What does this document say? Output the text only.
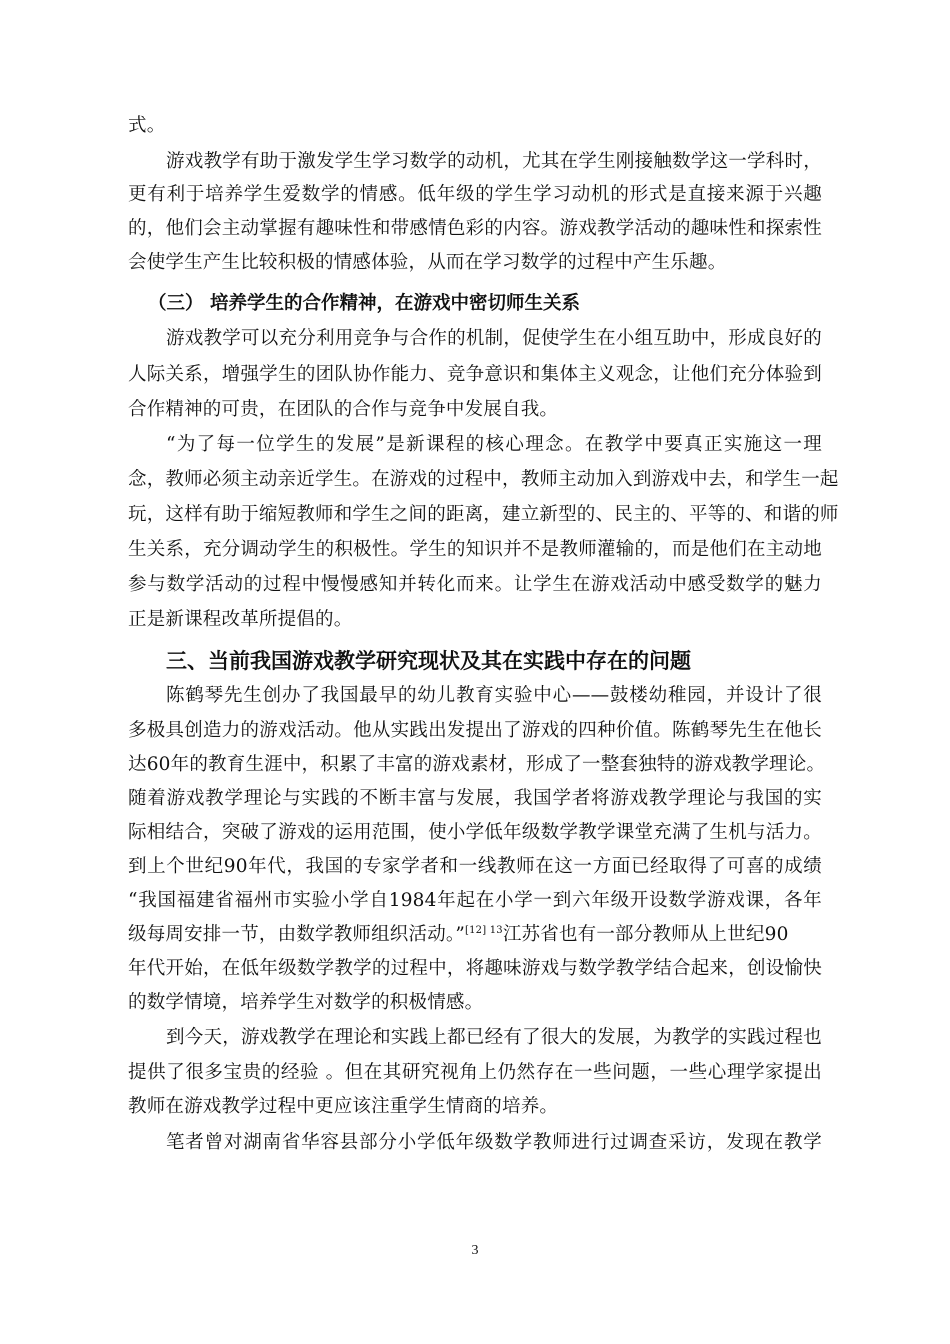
式。
游戏教学有助于激发学生学习数学的动机，尤其在学生刚接触数学这一学科时，
更有利于培养学生爱数学的情感。低年级的学生学习动机的形式是直接来源于兴趣
的，他们会主动掌握有趣味性和带感情色彩的内容。游戏教学活动的趣味性和探索性
会使学生产生比较积极的情感体验，从而在学习数学的过程中产生乐趣。
（三） 培养学生的合作精神，在游戏中密切师生关系
游戏教学可以充分利用竞争与合作的机制，促使学生在小组互助中，形成良好的
人际关系，增强学生的团队协作能力、竞争意识和集体主义观念，让他们充分体验到
合作精神的可贵，在团队的合作与竞争中发展自我。
“为了每一位学生的发展”是新课程的核心理念。在教学中要真正实施这一理
念，教师必须主动亲近学生。在游戏的过程中，教师主动加入到游戏中去，和学生一起
玩，这样有助于缩短教师和学生之间的距离，建立新型的、民主的、平等的、和谐的师
生关系，充分调动学生的积极性。学生的知识并不是教师灌输的，而是他们在主动地
参与数学活动的过程中慢慢感知并转化而来。让学生在游戏活动中感受数学的魅力
正是新课程改革所提倡的。
三、当前我国游戏教学研究现状及其在实践中存在的问题
陈鹤琴先生创办了我国最早的幼儿教育实验中心——鼓楼幼稚园，并设计了很
多极具创造力的游戏活动。他从实践出发提出了游戏的四种价值。陈鹤琴先生在他长
达60年的教育生涯中，积累了丰富的游戏素材，形成了一整套独特的游戏教学理论。
随着游戏教学理论与实践的不断丰富与发展，我国学者将游戏教学理论与我国的实
际相结合，突破了游戏的运用范围，使小学低年级数学教学课堂充满了生机与活力。
到上个世纪90年代，我国的专家学者和一线教师在这一方面已经取得了可喜的成绩
“我国福建省福州市实验小学自1984年起在小学一到六年级开设数学游戏课，各年
级每周安排一节，由数学教师组织活动。”$^{[12] 13}$江苏省也有一部分教师从上世纪90
年代开始，在低年级数学教学的过程中，将趣味游戏与数学教学结合起来，创设愉快
的数学情境，培养学生对数学的积极情感。
到今天，游戏教学在理论和实践上都已经有了很大的发展，为教学的实践过程也
提供了很多宝贵的经验 。但在其研究视角上仍然存在一些问题，一些心理学家提出
教师在游戏教学过程中更应该注重学生情商的培养。
笔者曾对湖南省华容县部分小学低年级数学教师进行过调查采访，发现在教学
3
